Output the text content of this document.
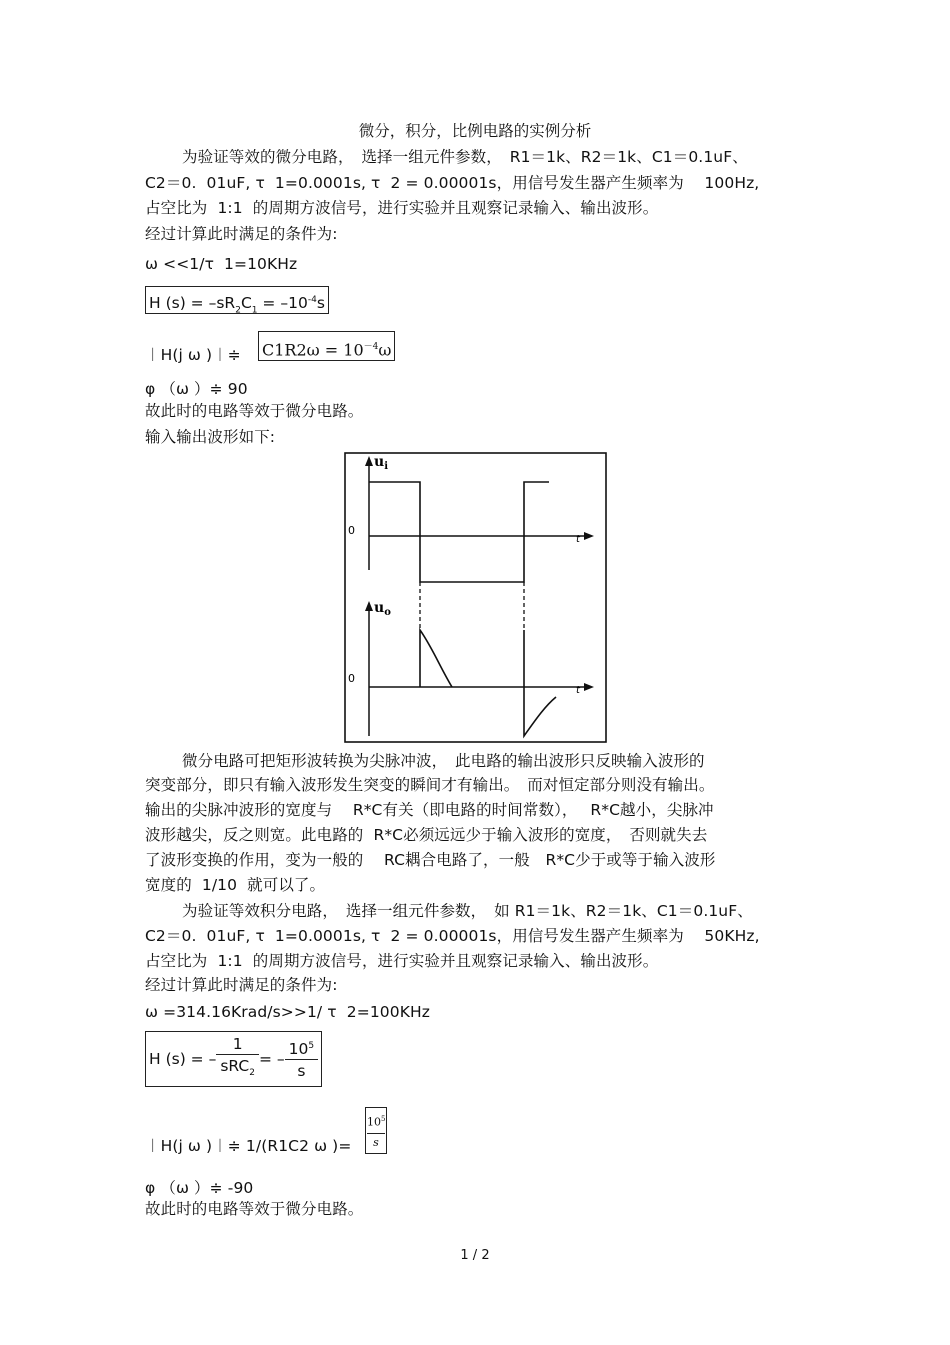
微分，积分，比例电路的实例分析
为验证等效的微分电路，　选择一组元件参数，　R1＝1k、R2＝1k、C1＝0.1uF、
C2＝0.  01uF, τ  1=0.0001s, τ  2 = 0.00001s，用信号发生器产生频率为　 100Hz,
占空比为  1:1  的周期方波信号，进行实验并且观察记录输入、输出波形。
经过计算此时满足的条件为:
ω <<1/τ  1=10KHz
H $(s) = -sR_2C_1 = -10^{-4}s$
︱H(j ω )︱≑ $C1R2\omega = 10^{-4}\omega$
φ （ω ）≑ 90
故此时的电路等效于微分电路。
输入输出波形如下:
$u_i$
0
t
$u_o$
0
t
微分电路可把矩形波转换为尖脉冲波，　此电路的输出波形只反映输入波形的
突变部分，即只有输入波形发生突变的瞬间才有输出。　而对恒定部分则没有输出。
输出的尖脉冲波形的宽度与　 R*C有关（即电路的时间常数），　 R*C越小，尖脉冲
波形越尖，反之则宽。此电路的  R*C必须远远少于输入波形的宽度，　否则就失去
了波形变换的作用，变为一般的　 RC耦合电路了，一般　R*C少于或等于输入波形
宽度的  1/10  就可以了。
为验证等效积分电路，　选择一组元件参数，　如 R1＝1k、R2＝1k、C1＝0.1uF、
C2＝0.  01uF, τ  1=0.0001s, τ  2 = 0.00001s，用信号发生器产生频率为　 50KHz,
占空比为  1:1  的周期方波信号，进行实验并且观察记录输入、输出波形。
经过计算此时满足的条件为:
ω =314.16Krad/s>>1/ τ  2=100KHz
H (s) = – $\frac{1}{sRC_2}$ = – $\frac{10^5}{s}$
︱H(j ω )︱≑ 1/(R1C2 ω )=
$10^5$
s
φ （ω ）≑ -90
故此时的电路等效于微分电路。
1 / 2
